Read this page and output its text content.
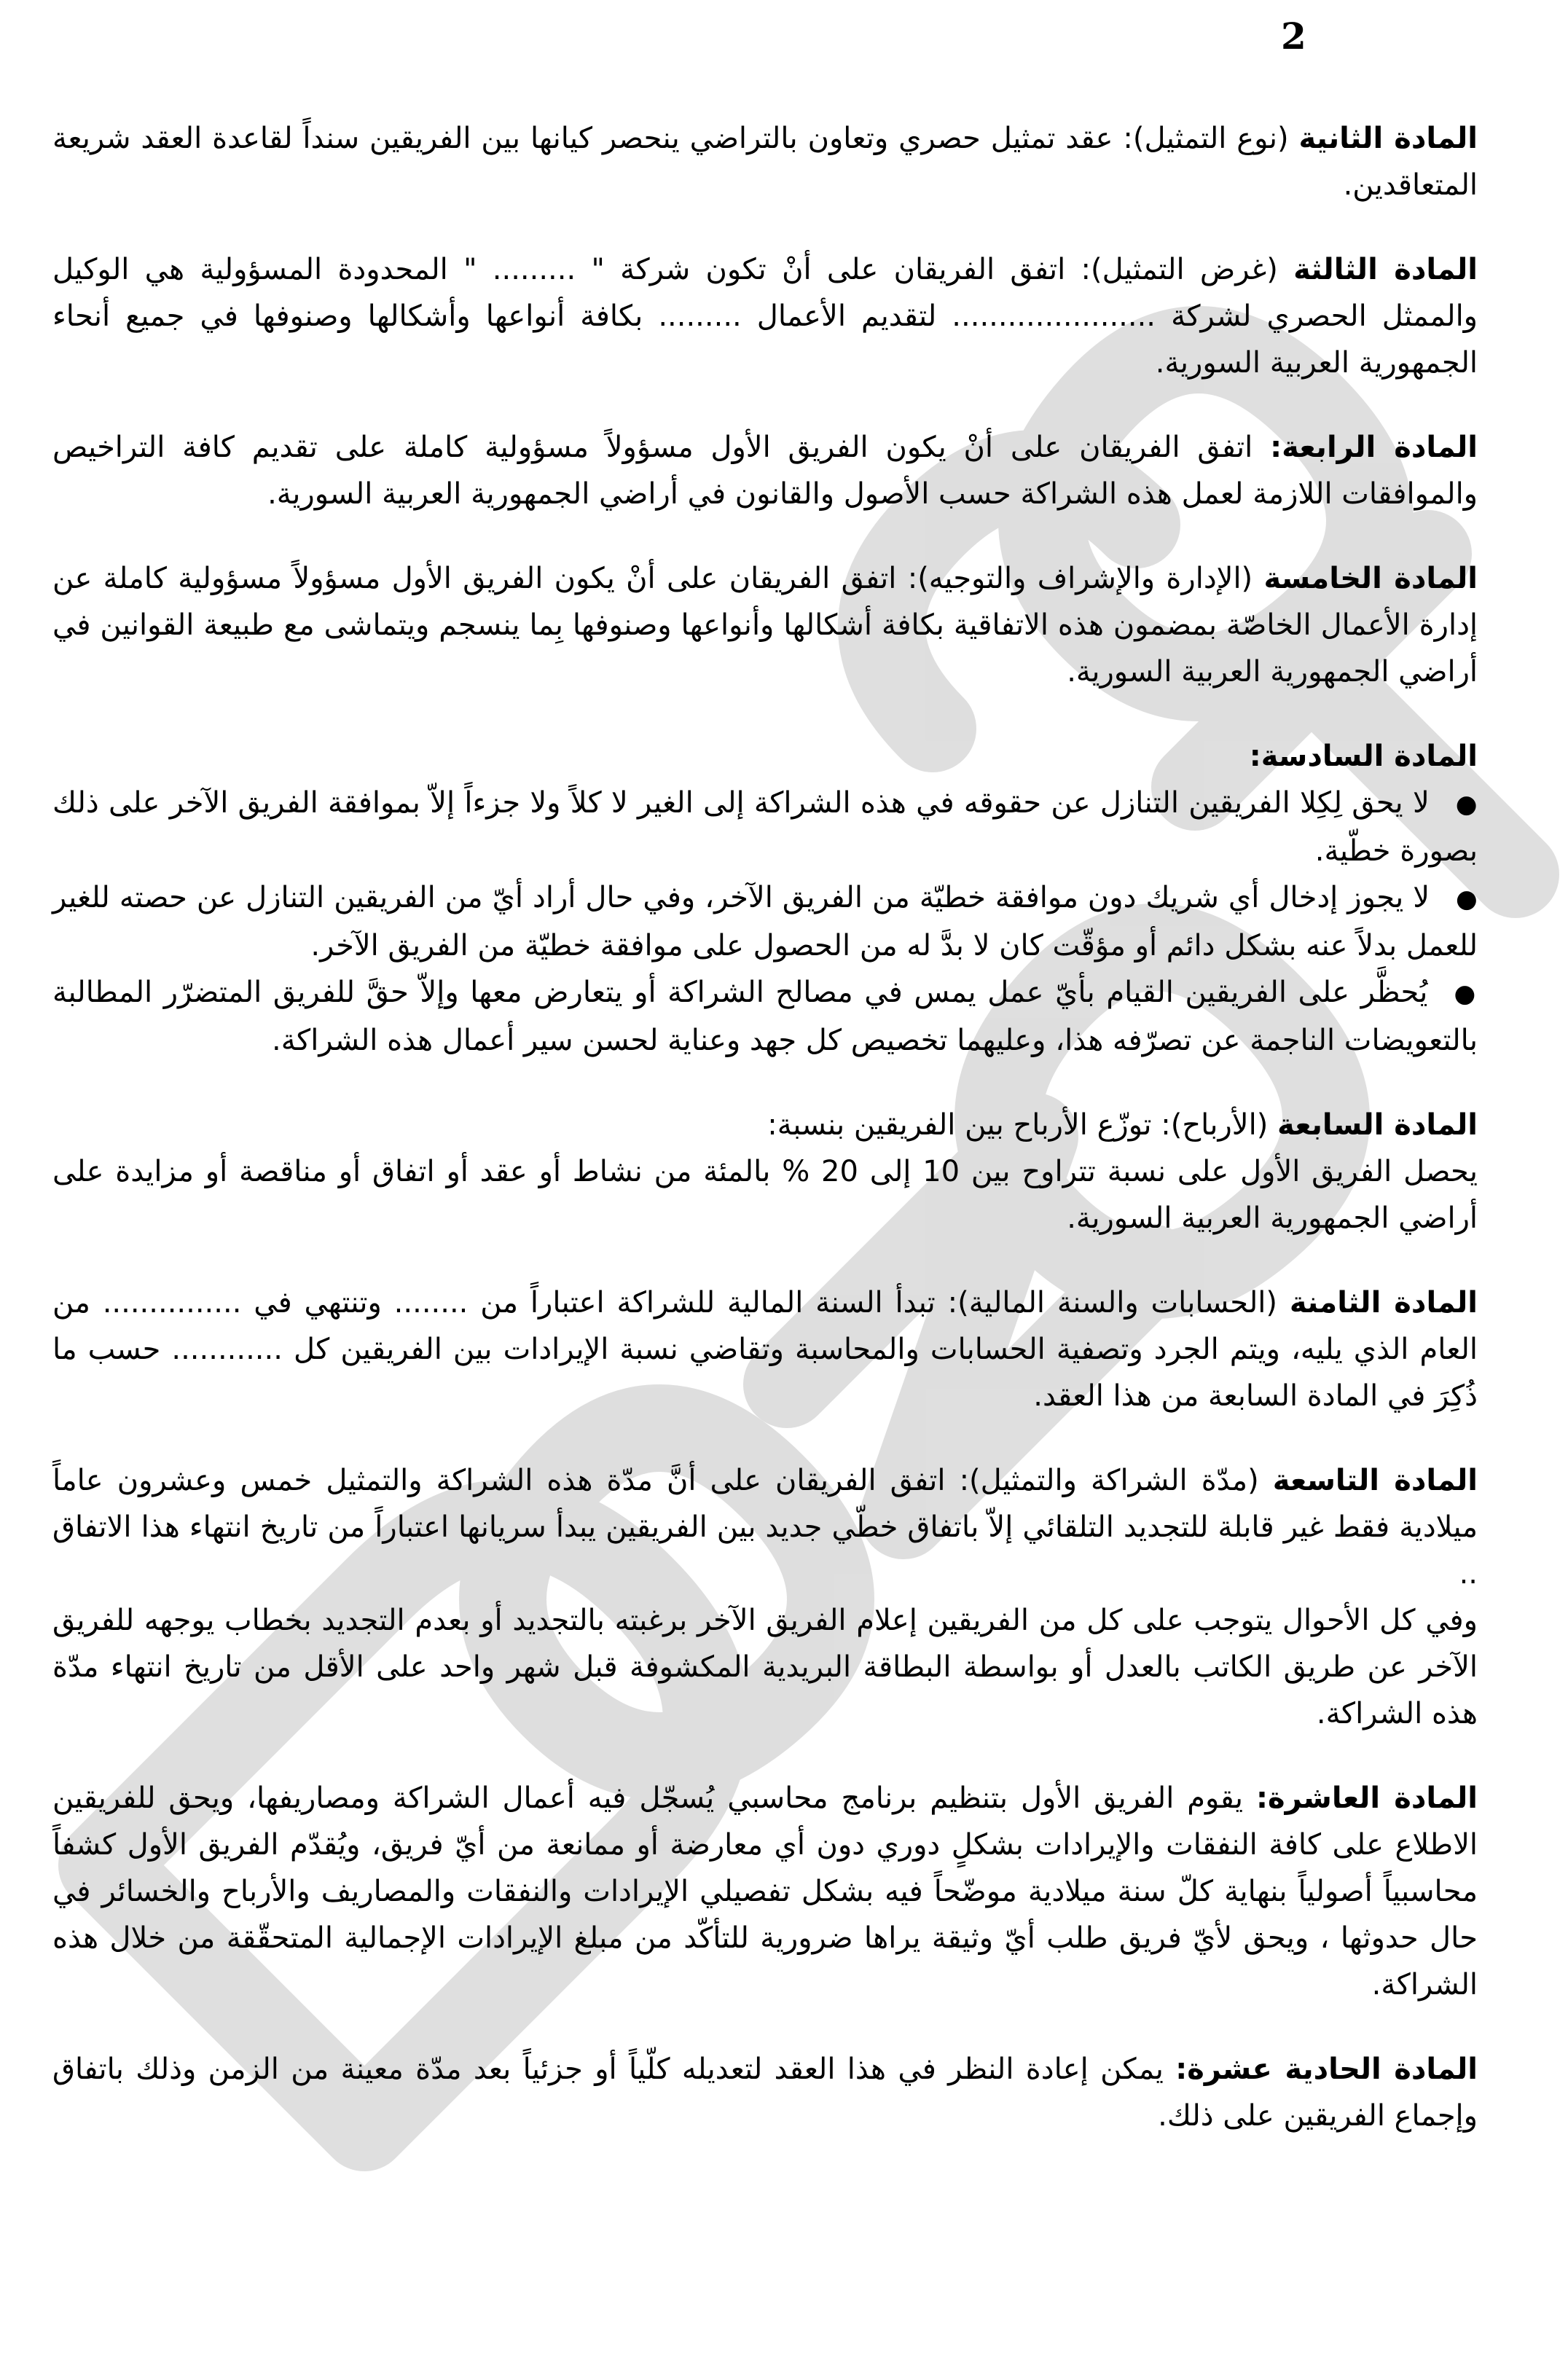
2

المادة الثانية (نوع التمثيل): عقد تمثيل حصري وتعاون بالتراضي ينحصر كيانها بين الفريقين سنداً لقاعدة العقد شريعة المتعاقدين.

المادة الثالثة (غرض التمثيل): اتفق الفريقان على أنْ تكون شركة " ......... " المحدودة المسؤولية هي الوكيل والممثل الحصري لشركة ...................... لتقديم الأعمال ......... بكافة أنواعها وأشكالها وصنوفها في جميع أنحاء الجمهورية العربية السورية.

المادة الرابعة: اتفق الفريقان على أنْ يكون الفريق الأول مسؤولاً مسؤولية كاملة على تقديم كافة التراخيص والموافقات اللازمة لعمل هذه الشراكة حسب الأصول والقانون في أراضي الجمهورية العربية السورية.

المادة الخامسة (الإدارة والإشراف والتوجيه): اتفق الفريقان على أنْ يكون الفريق الأول مسؤولاً مسؤولية كاملة عن إدارة الأعمال الخاصّة بمضمون هذه الاتفاقية بكافة أشكالها وأنواعها وصنوفها بِما ينسجم ويتماشى مع طبيعة القوانين في أراضي الجمهورية العربية السورية.

المادة السادسة:

●لا يحق لِكِلا الفريقين التنازل عن حقوقه في هذه الشراكة إلى الغير لا كلاً ولا جزءاً إلاّ بموافقة الفريق الآخر على ذلك بصورة خطّية.
●لا يجوز إدخال أي شريك دون موافقة خطيّة من الفريق الآخر، وفي حال أراد أيّ من الفريقين التنازل عن حصته للغير للعمل بدلاً عنه بشكل دائم أو مؤقّت كان لا بدَّ له من الحصول على موافقة خطيّة من الفريق الآخر.
●يُحظَّر على الفريقين القيام بأيّ عمل يمس في مصالح الشراكة أو يتعارض معها وإلاّ حقَّ للفريق المتضرّر المطالبة بالتعويضات الناجمة عن تصرّفه هذا، وعليهما تخصيص كل جهد وعناية لحسن سير أعمال هذه الشراكة.

المادة السابعة (الأرباح): توزّع الأرباح بين الفريقين بنسبة:

يحصل الفريق الأول على نسبة تتراوح بين 10 إلى 20 % بالمئة من نشاط أو عقد أو اتفاق أو مناقصة أو مزايدة على أراضي الجمهورية العربية السورية.

المادة الثامنة (الحسابات والسنة المالية): تبدأ السنة المالية للشراكة اعتباراً من ........ وتنتهي في ............... من العام الذي يليه، ويتم الجرد وتصفية الحسابات والمحاسبة وتقاضي نسبة الإيرادات بين الفريقين كل ............ حسب ما ذُكِرَ في المادة السابعة من هذا العقد.

المادة التاسعة (مدّة الشراكة والتمثيل): اتفق الفريقان على أنَّ مدّة هذه الشراكة والتمثيل خمس وعشرون عاماً ميلادية فقط غير قابلة للتجديد التلقائي إلاّ باتفاق خطّي جديد بين الفريقين يبدأ سريانها اعتباراً من تاريخ انتهاء هذا الاتفاق ..

وفي كل الأحوال يتوجب على كل من الفريقين إعلام الفريق الآخر برغبته بالتجديد أو بعدم التجديد بخطاب يوجهه للفريق الآخر عن طريق الكاتب بالعدل أو بواسطة البطاقة البريدية المكشوفة قبل شهر واحد على الأقل من تاريخ انتهاء مدّة هذه الشراكة.

المادة العاشرة: يقوم الفريق الأول بتنظيم برنامج محاسبي يُسجّل فيه أعمال الشراكة ومصاريفها، ويحق للفريقين الاطلاع على كافة النفقات والإيرادات بشكلٍ دوري دون أي معارضة أو ممانعة من أيّ فريق، ويُقدّم الفريق الأول كشفاً محاسبياً أصولياً بنهاية كلّ سنة ميلادية موضّحاً فيه بشكل تفصيلي الإيرادات والنفقات والمصاريف والأرباح والخسائر في حال حدوثها ، ويحق لأيّ فريق طلب أيّ وثيقة يراها ضرورية للتأكّد من مبلغ الإيرادات الإجمالية المتحقّقة من خلال هذه الشراكة.

المادة الحادية عشرة: يمكن إعادة النظر في هذا العقد لتعديله كلّياً أو جزئياً بعد مدّة معينة من الزمن وذلك باتفاق وإجماع الفريقين على ذلك.
